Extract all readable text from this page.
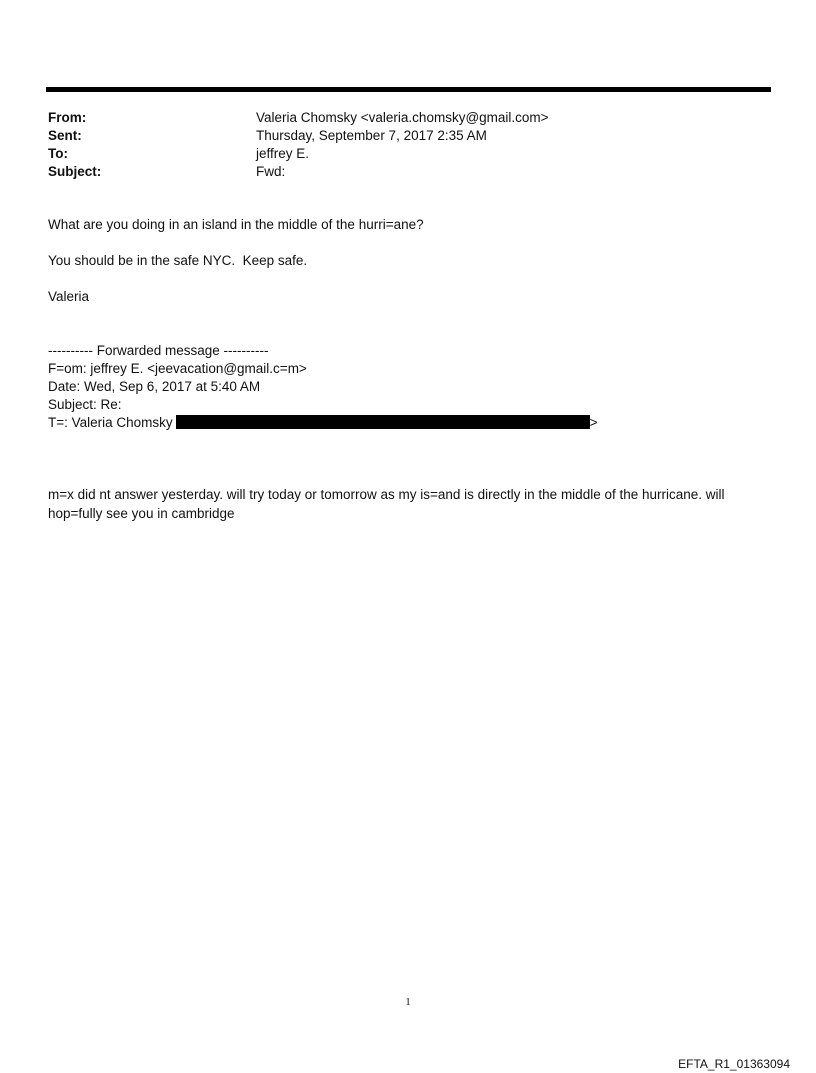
From:	Valeria Chomsky <valeria.chomsky@gmail.com>
Sent:	Thursday, September 7, 2017 2:35 AM
To:	jeffrey E.
Subject:	Fwd:

What are you doing in an island in the middle of the hurri=ane?

You should be in the safe NYC.  Keep safe.

Valeria

---------- Forwarded message ----------
F=om: jeffrey E. <jeevacation@gmail.c=m>
Date: Wed, Sep 6, 2017 at 5:40 AM
Subject: Re:
T=: Valeria Chomsky	>

m=x did nt answer yesterday. will try today or tomorrow as my is=and is directly in the middle of the hurricane. will hop=fully see you in cambridge

1
EFTA_R1_01363094
